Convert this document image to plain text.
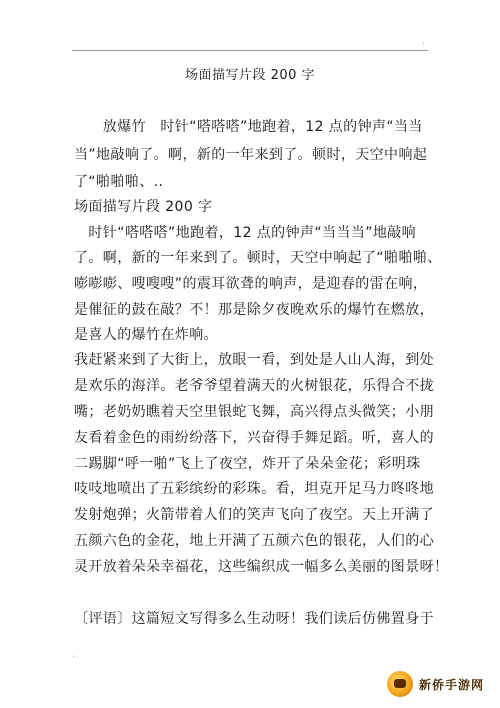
'
场面描写片段 200 字
　　放爆竹　时针“嗒嗒嗒”地跑着，12 点的钟声“当当
当”地敲响了。啊，新的一年来到了。顿时，天空中响起
了“啪啪啪、..
场面描写片段 200 字
　时针“嗒嗒嗒”地跑着，12 点的钟声“当当当”地敲响
了。啊，新的一年来到了。顿时，天空中响起了“啪啪啪、
嘭嘭嘭、嗖嗖嗖”的震耳欲聋的响声，是迎春的雷在响，
是催征的鼓在敲？不！那是除夕夜晚欢乐的爆竹在燃放，
是喜人的爆竹在炸响。
我赶紧来到了大街上，放眼一看，到处是人山人海，到处
是欢乐的海洋。老爷爷望着满天的火树银花，乐得合不拢
嘴；老奶奶瞧着天空里银蛇飞舞，高兴得点头微笑；小朋
友看着金色的雨纷纷落下，兴奋得手舞足蹈。听，喜人的
二踢脚“呼一啪”飞上了夜空，炸开了朵朵金花；彩明珠
吱吱地喷出了五彩缤纷的彩珠。看，坦克开足马力咚咚地
发射炮弹；火箭带着人们的笑声飞向了夜空。天上开满了
五颜六色的金花，地上开满了五颜六色的银花，人们的心
灵开放着朵朵幸福花，这些编织成一幅多么美丽的图景呀！
〔评语〕这篇短文写得多么生动呀！我们读后仿佛置身于
'
新侨手游网
